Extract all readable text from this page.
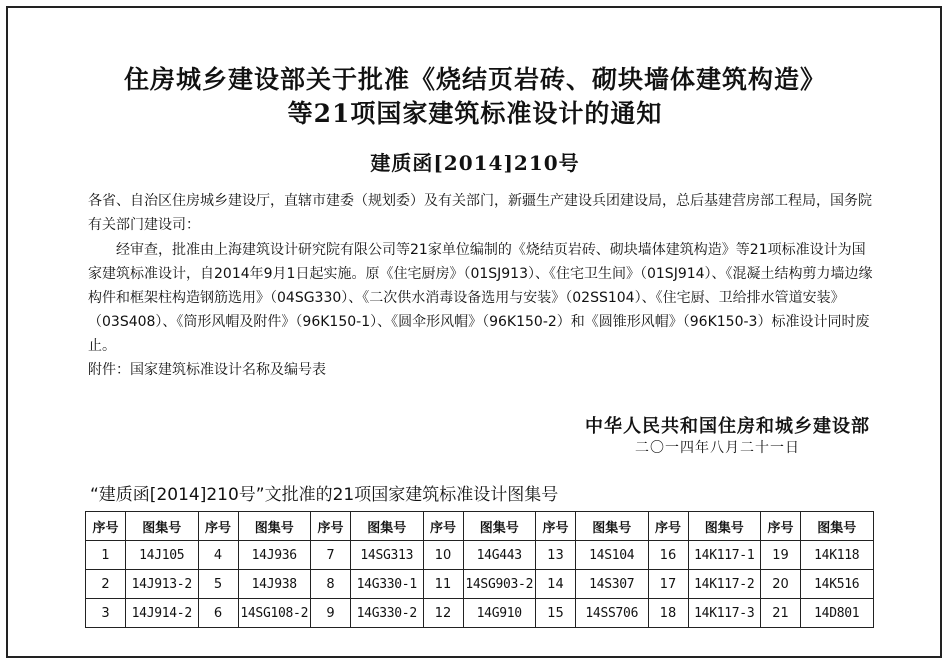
住房城乡建设部关于批准《烧结页岩砖、砌块墙体建筑构造》
等21项国家建筑标准设计的通知
建质函[2014]210号

各省、自治区住房城乡建设厅，直辖市建委（规划委）及有关部门，新疆生产建设兵团建设局，总后基建营房部工程局，国务院有关部门建设司：

经审查，批准由上海建筑设计研究院有限公司等21家单位编制的《烧结页岩砖、砌块墙体建筑构造》等21项标准设计为国家建筑标准设计，自2014年9月1日起实施。原《住宅厨房》（01SJ913）、《住宅卫生间》（01SJ914）、《混凝土结构剪力墙边缘构件和框架柱构造钢筋选用》（04SG330）、《二次供水消毒设备选用与安装》（02SS104）、《住宅厨、卫给排水管道安装》（03S408）、《筒形风帽及附件》（96K150-1）、《圆伞形风帽》（96K150-2）和《圆锥形风帽》（96K150-3）标准设计同时废止。

附件：国家建筑标准设计名称及编号表

中华人民共和国住房和城乡建设部
二〇一四年八月二十一日
“建质函[2014]210号”文批准的21项国家建筑标准设计图集号
序号	图集号	序号	图集号	序号	图集号	序号	图集号	序号	图集号	序号	图集号	序号	图集号
1	14J105	4	14J936	7	14SG313	10	14G443	13	14S104	16	14K117-1	19	14K118
2	14J913-2	5	14J938	8	14G330-1	11	14SG903-2	14	14S307	17	14K117-2	20	14K516
3	14J914-2	6	14SG108-2	9	14G330-2	12	14G910	15	14SS706	18	14K117-3	21	14D801
